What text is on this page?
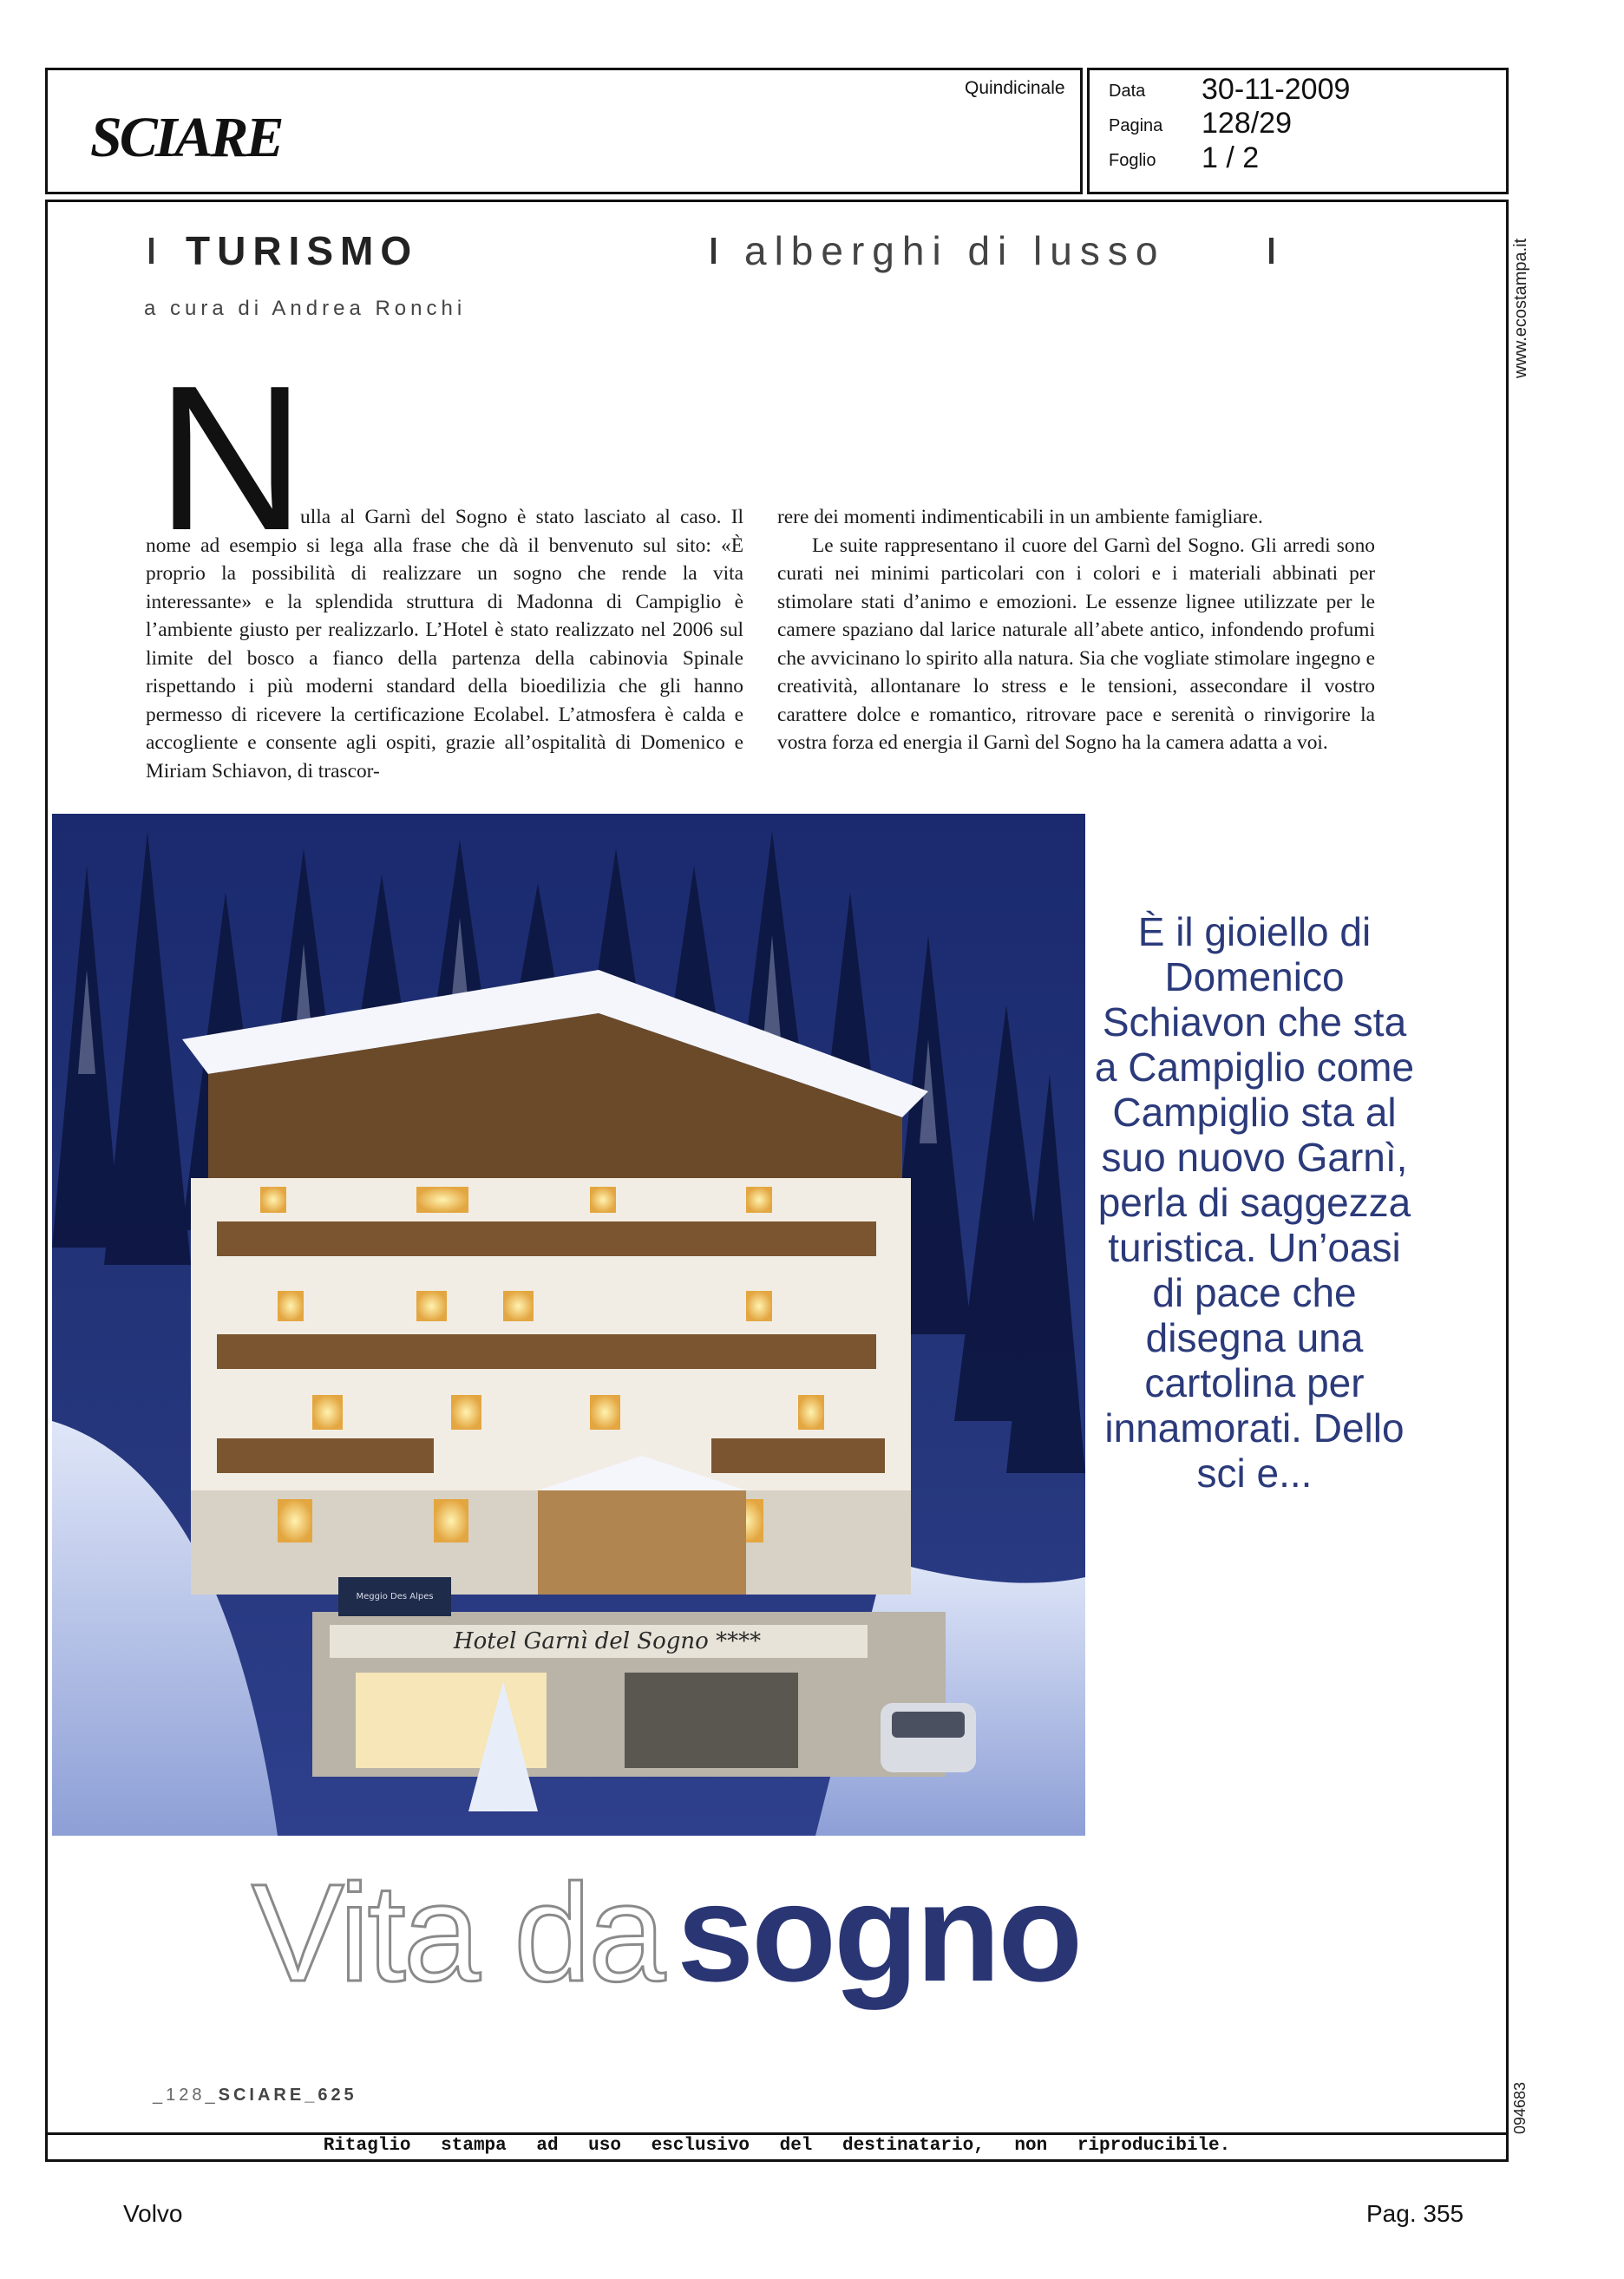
SCIARE
Quindicinale	Data 30-11-2009
Pagina 128/29
Foglio 1 / 2
TURISMO	alberghi di lusso
a cura di Andrea Ronchi
N
ulla al Garnì del Sogno è stato lasciato al caso. Il nome ad esempio si lega alla frase che dà il benvenuto sul sito: «È proprio la possibilità di realizzare un sogno che rende la vita interessante» e la splendida struttura di Madonna di Campiglio è l’ambiente giusto per realizzarlo. L’Hotel è stato realizzato nel 2006 sul limite del bosco a fianco della partenza della cabinovia Spinale rispettando i più moderni standard della bioedilizia che gli hanno permesso di ricevere la certificazione Ecolabel. L’atmosfera è calda e accogliente e consente agli ospiti, grazie all’ospitalità di Domenico e Miriam Schiavon, di trascor-

rere dei momenti indimenticabili in un ambiente famigliare.

Le suite rappresentano il cuore del Garnì del Sogno. Gli arredi sono curati nei minimi particolari con i colori e i materiali abbinati per stimolare stati d’animo e emozioni. Le essenze lignee utilizzate per le camere spaziano dal larice naturale all’abete antico, infondendo profumi che avvicinano lo spirito alla natura. Sia che vogliate stimolare ingegno e creatività, allontanare lo stress e le tensioni, assecondare il vostro carattere dolce e romantico, ritrovare pace e serenità o rinvigorire la vostra forza ed energia il Garnì del Sogno ha la camera adatta a voi.

Hotel Garnì del Sogno ****
Meggio Des Alpes
È il gioiello di Domenico Schiavon che sta a Campiglio come Campiglio sta al suo nuovo Garnì, perla di saggezza turistica. Un’oasi di pace che disegna una cartolina per innamorati. Dello sci e...
Vita da sogno
_128_SCIARE_625
www.ecostampa.it
094683
Ritaglio stampa ad uso esclusivo del destinatario, non riproducibile.
Volvo	Pag. 355
